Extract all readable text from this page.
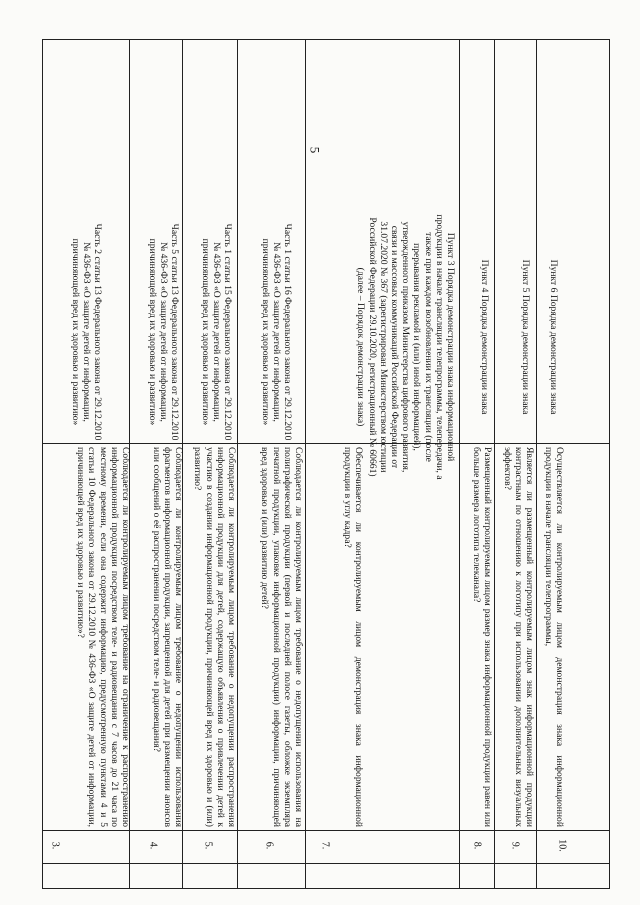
5
3.
Соблюдается ли контролируемым лицом требование на ограничение к распространению информационной продукции посредством теле- и радиовещания с 7 часов до 21 часа по местному времени, если она содержит информацию, предусмотренную пунктами 4 и 5 статьи 10 Федерального закона от 29.12.2010 № 436-ФЗ «О защите детей от информации, причиняющей вред их здоровью и развитию»?
Часть 2 статьи 13 Федерального закона от 29.12.2010 № 436-ФЗ «О защите детей от информации, причиняющей вред их здоровью и развитию»
4.
Соблюдается ли контролируемым лицом требование о недопущении использования фрагментов информационной продукции, запрещенной для детей при размещении анонсов или сообщений о её распространении посредством теле- и радиовещания?
Часть 5 статьи 13 Федерального закона от 29.12.2010 № 436-ФЗ «О защите детей от информации, причиняющей вред их здоровью и развитию»
5.
Соблюдается ли контролируемым лицом требование о недопущении распространения информационной продукции для детей, содержащую объявления о привлечении детей к участию в создании информационной продукции, причиняющей вред их здоровью и (или) развитию?
Часть 1 статьи 15 Федерального закона от 29.12.2010 № 436-ФЗ «О защите детей от информации, причиняющей вред их здоровью и развитию»
6.
Соблюдается ли контролируемым лицом требование о недопущении использования на полиграфической продукции (первой и последней полосе газеты, обложке экземпляра печатной продукции, упаковке информационной продукции) информации, причиняющей вред здоровью и (или) развитию детей?
Часть 1 статьи 16 Федерального закона от 29.12.2010 № 436-ФЗ «О защите детей от информации, причиняющей вред их здоровью и развитию»
7.
Обеспечивается ли контролируемым лицом демонстрация знака информационной продукции в углу кадра?
Пункт 3 Порядка демонстрации знака информационной продукции в начале трансляции телепрограммы, телепередачи, а также при каждом возобновлении их трансляции (после прерывания рекламой и (или) иной информацией), утвержденного приказом Министерства цифрового развития, связи и массовых коммуникаций Российской Федерации от 31.07.2020 № 367 (зарегистрирован Министерством юстиции Российской Федерации 29.10.2020, регистрационный № 60661) (далее – Порядок демонстрации знака)
8.
Размещенный контролируемым лицом размер знака информационной продукции равен или больше размера логотипа телеканала?
Пункт 4 Порядка демонстрации знака
9.
Является ли размещенный контролируемым лицом знак информационной продукции контрастным по отношению к логотипу при использовании дополнительных визуальных эффектов?
Пункт 5 Порядка демонстрации знака
10.
Осуществляется ли контролируемым лицом демонстрация знака информационной продукции в начале трансляции телепрограммы,
Пункт 6 Порядка демонстрации знака
